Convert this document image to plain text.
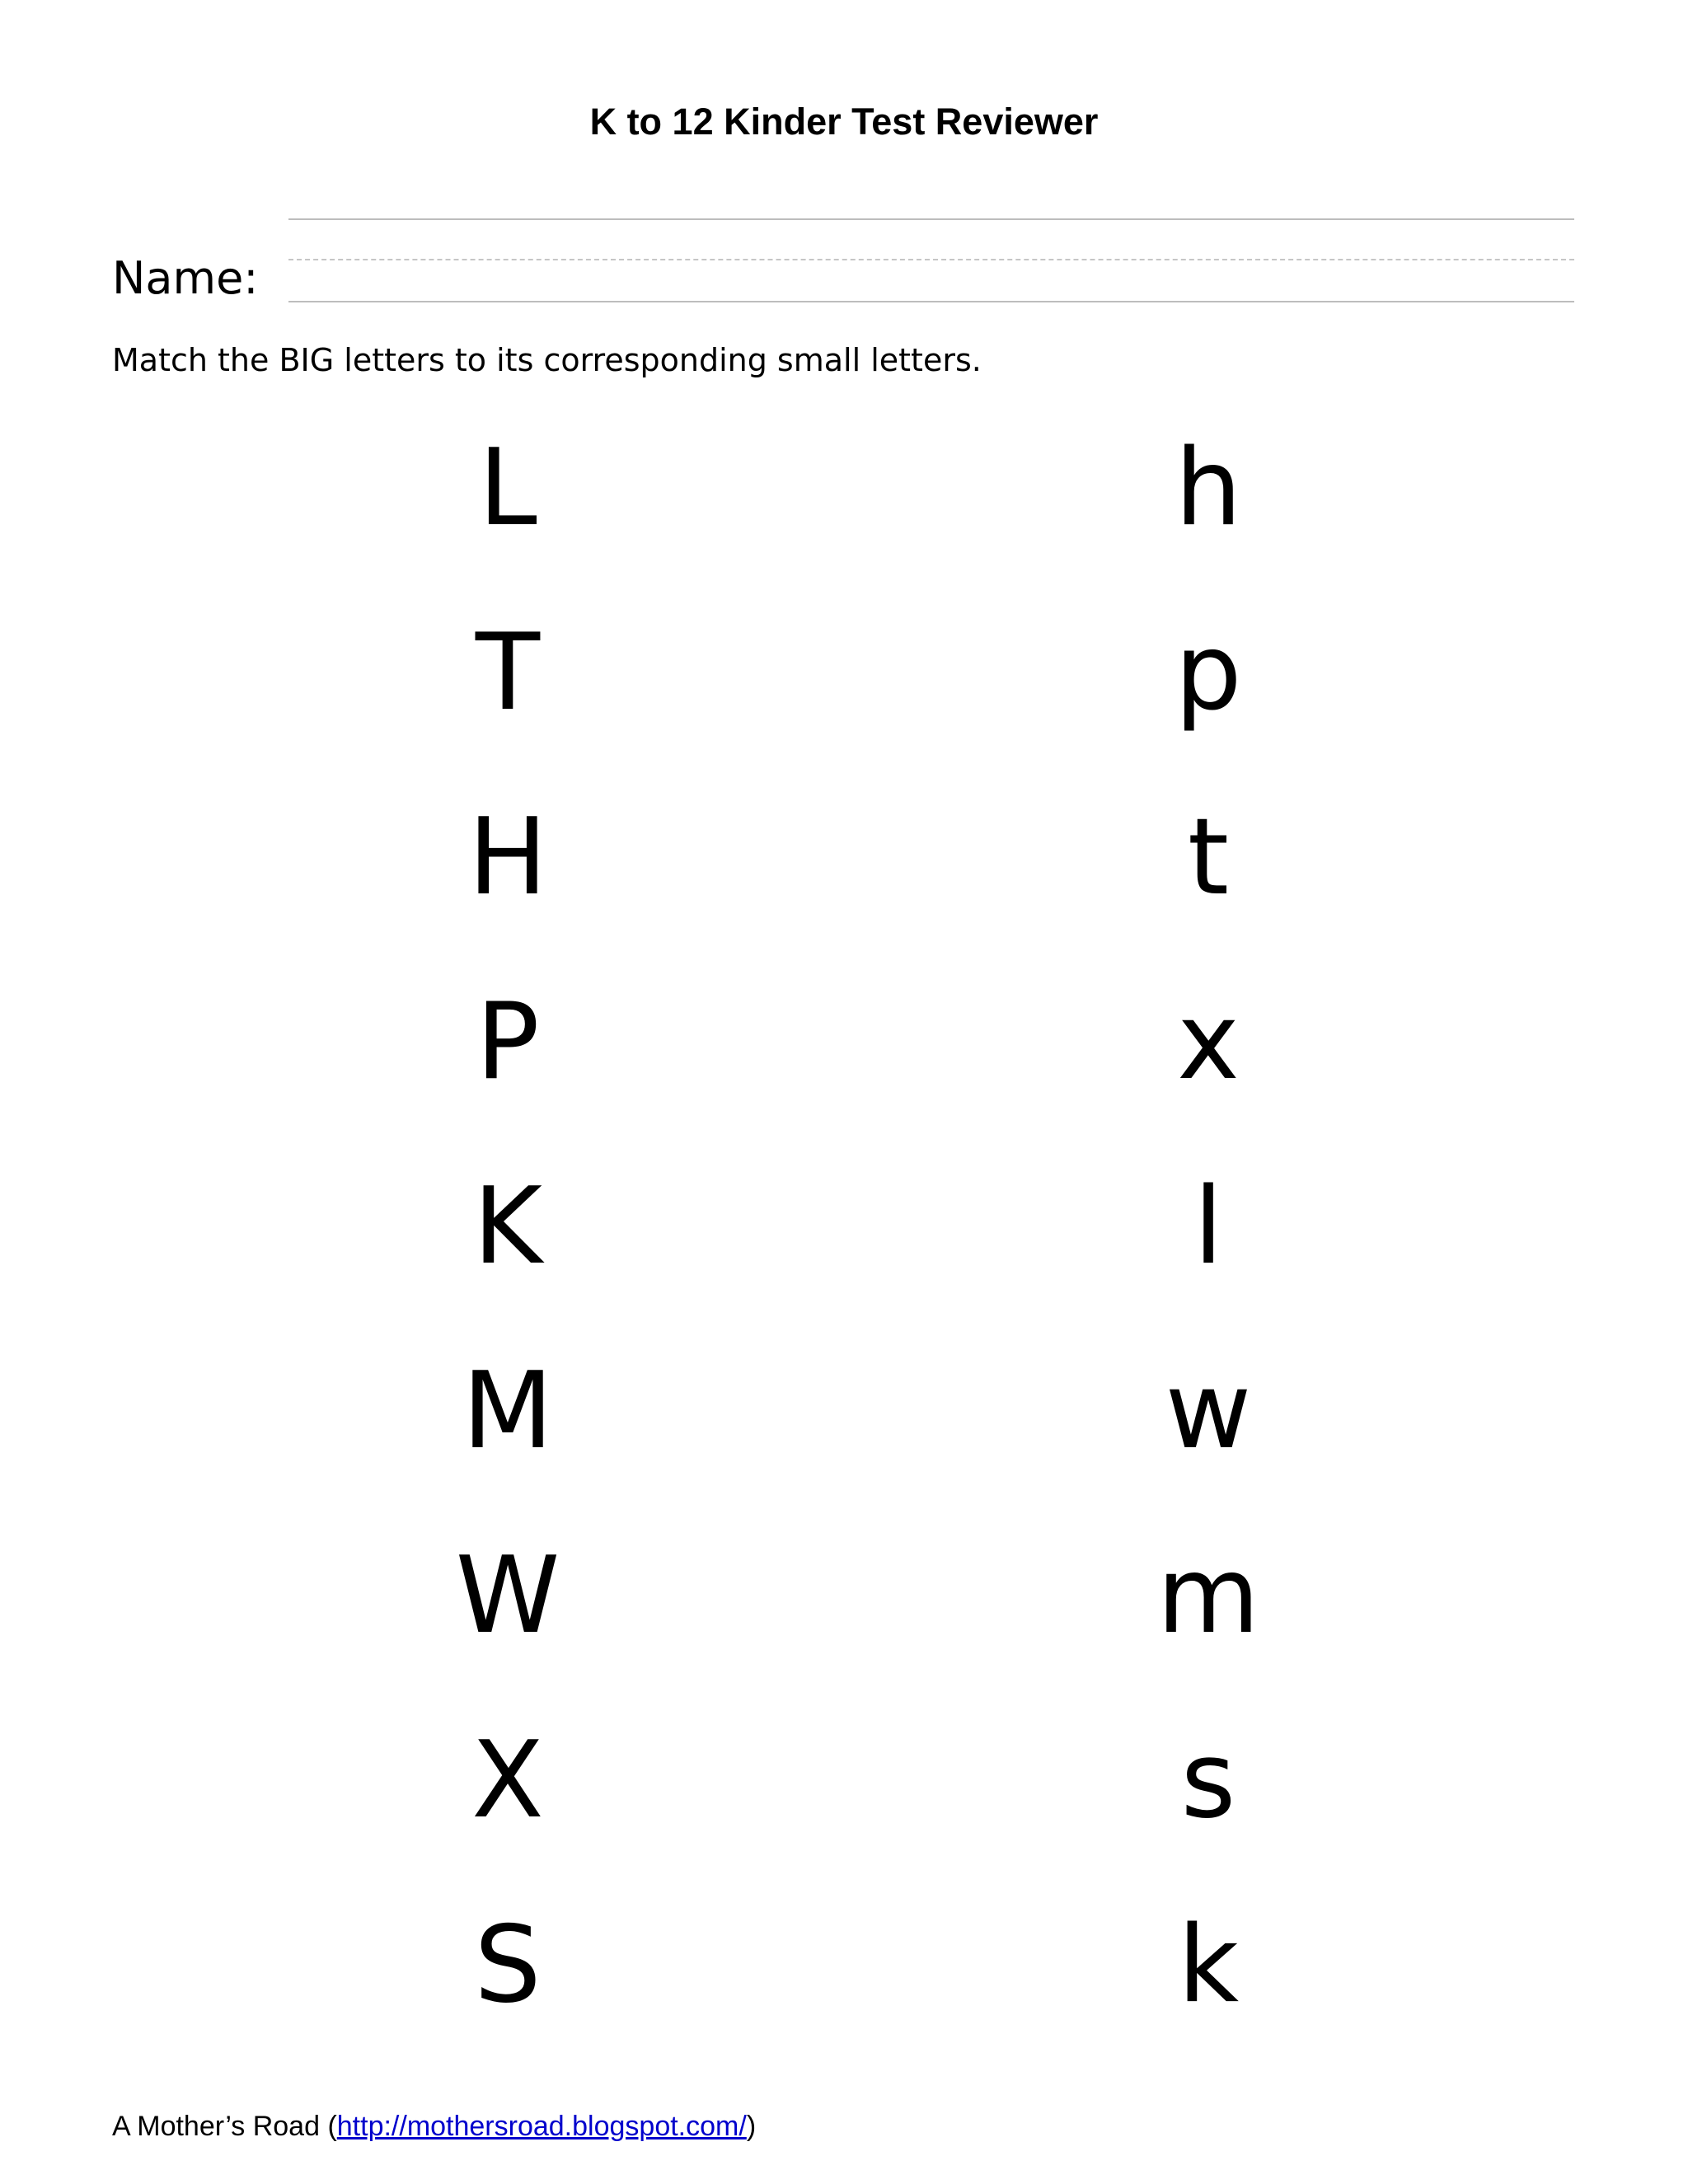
K to 12 Kinder Test Reviewer
Name:
Match the BIG letters to its corresponding small letters.
L
T
H
P
K
M
W
X
S
h
p
t
x
l
w
m
s
k
A Mother’s Road (http://mothersroad.blogspot.com/)
